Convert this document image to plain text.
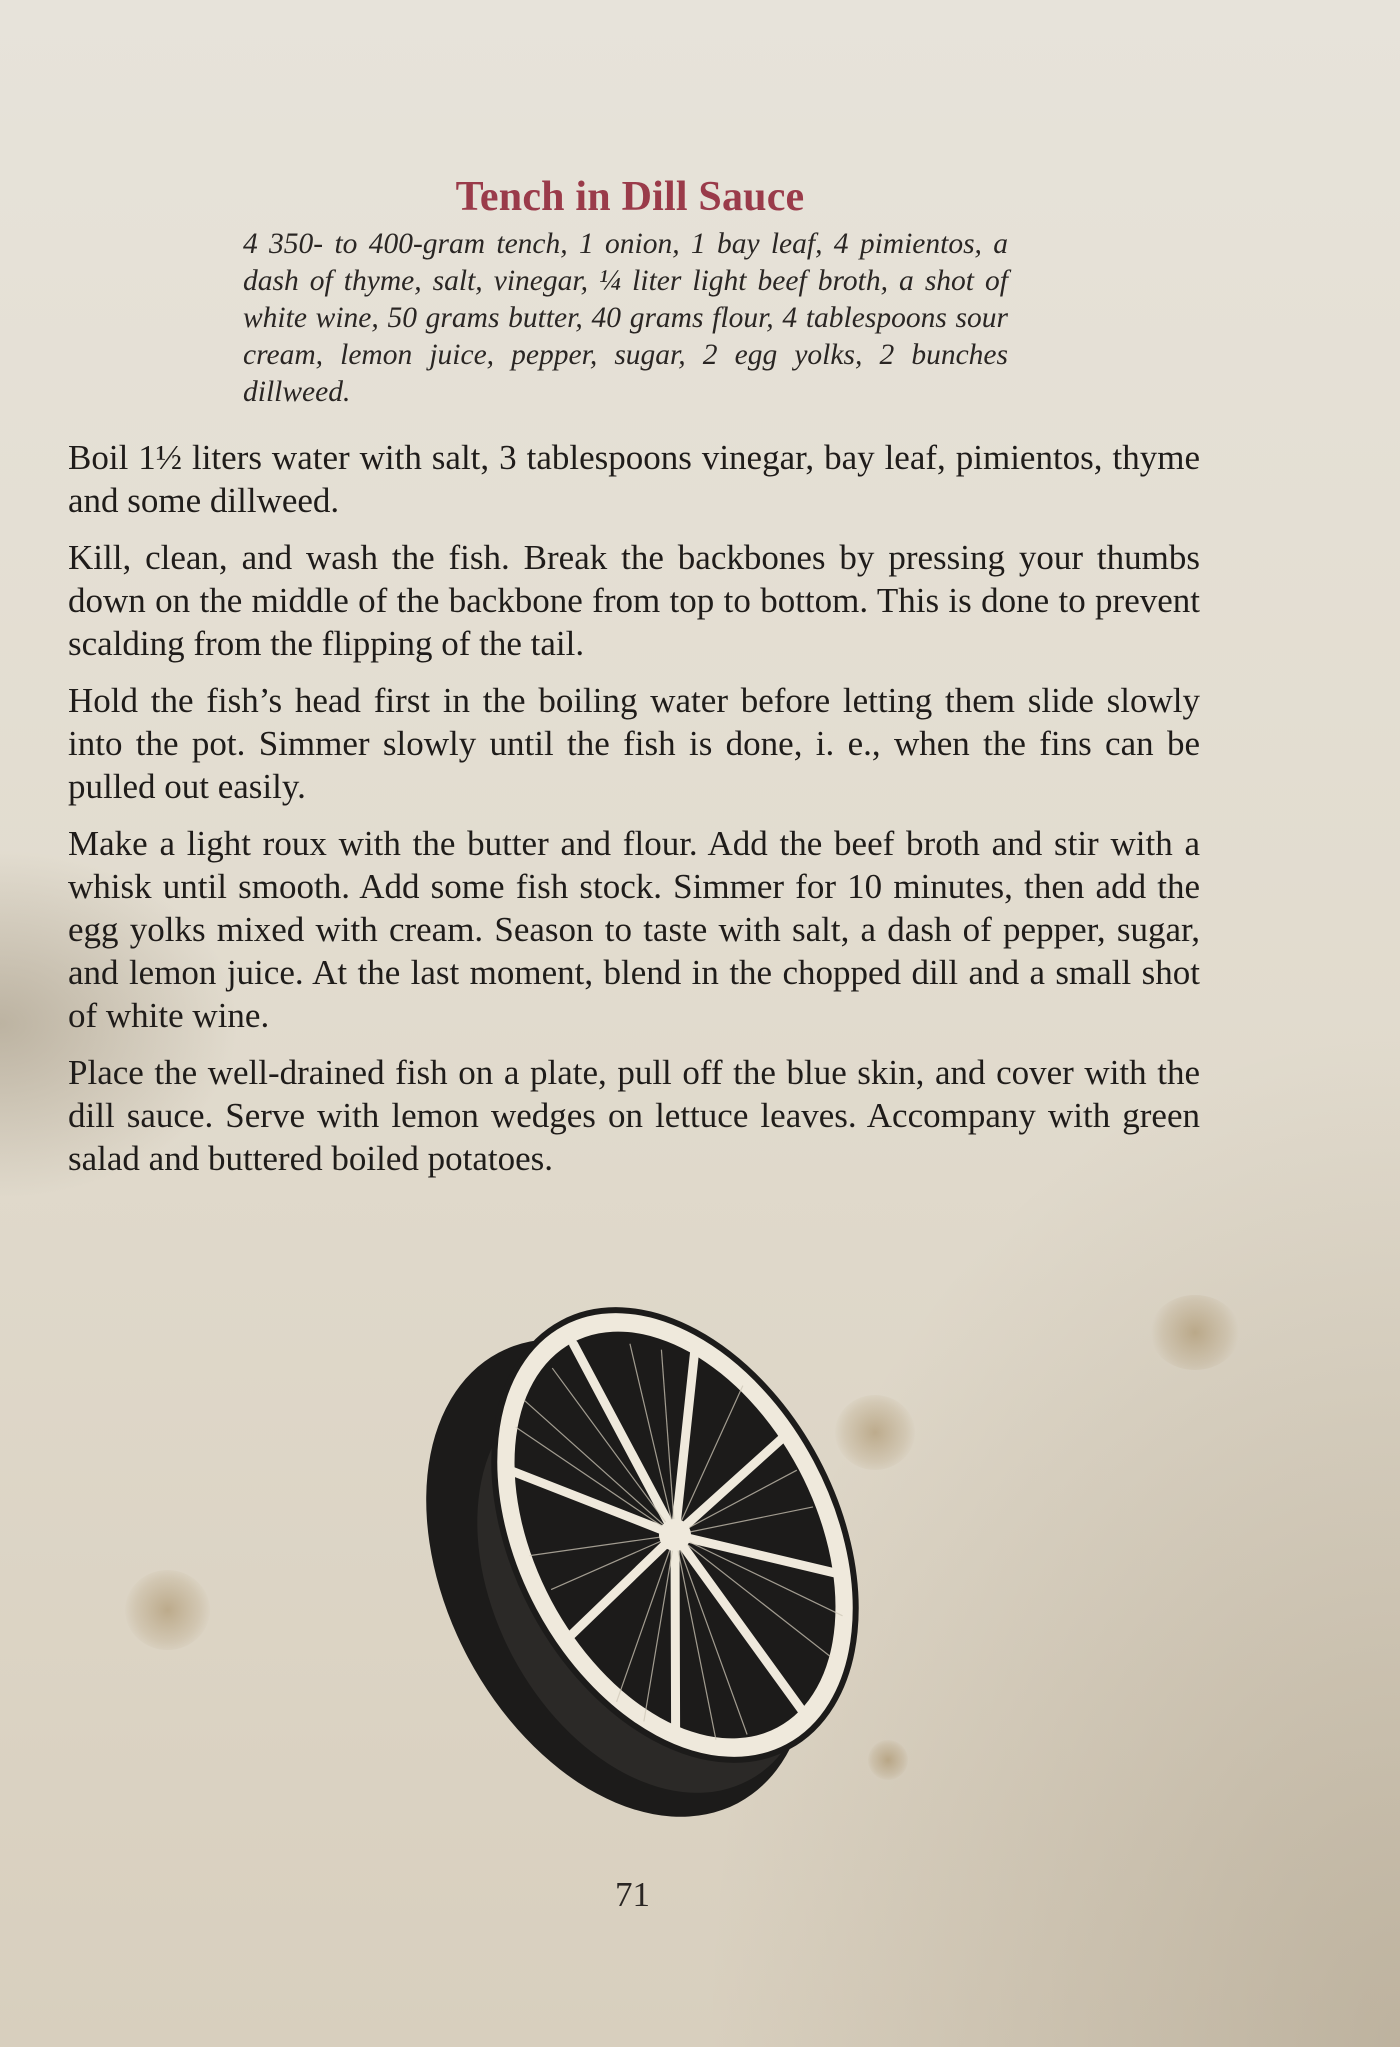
Tench in Dill Sauce
4 350- to 400-gram tench, 1 onion, 1 bay leaf, 4 pimientos, a dash of thyme, salt, vinegar, ¼ liter light beef broth, a shot of white wine, 50 grams butter, 40 grams flour, 4 tablespoons sour cream, lemon juice, pepper, sugar, 2 egg yolks, 2 bunches dillweed.

Boil 1½ liters water with salt, 3 tablespoons vinegar, bay leaf, pimientos, thyme and some dillweed.

Kill, clean, and wash the fish. Break the backbones by pressing your thumbs down on the middle of the backbone from top to bottom. This is done to prevent scalding from the flipping of the tail.

Hold the fish’s head first in the boiling water before letting them slide slowly into the pot. Simmer slowly until the fish is done, i. e., when the fins can be pulled out easily.

Make a light roux with the butter and flour. Add the beef broth and stir with a whisk until smooth. Add some fish stock. Simmer for 10 minutes, then add the egg yolks mixed with cream. Season to taste with salt, a dash of pepper, sugar, and lemon juice. At the last moment, blend in the chopped dill and a small shot of white wine.

Place the well-drained fish on a plate, pull off the blue skin, and cover with the dill sauce. Serve with lemon wedges on lettuce leaves. Accompany with green salad and buttered boiled potatoes.

71
